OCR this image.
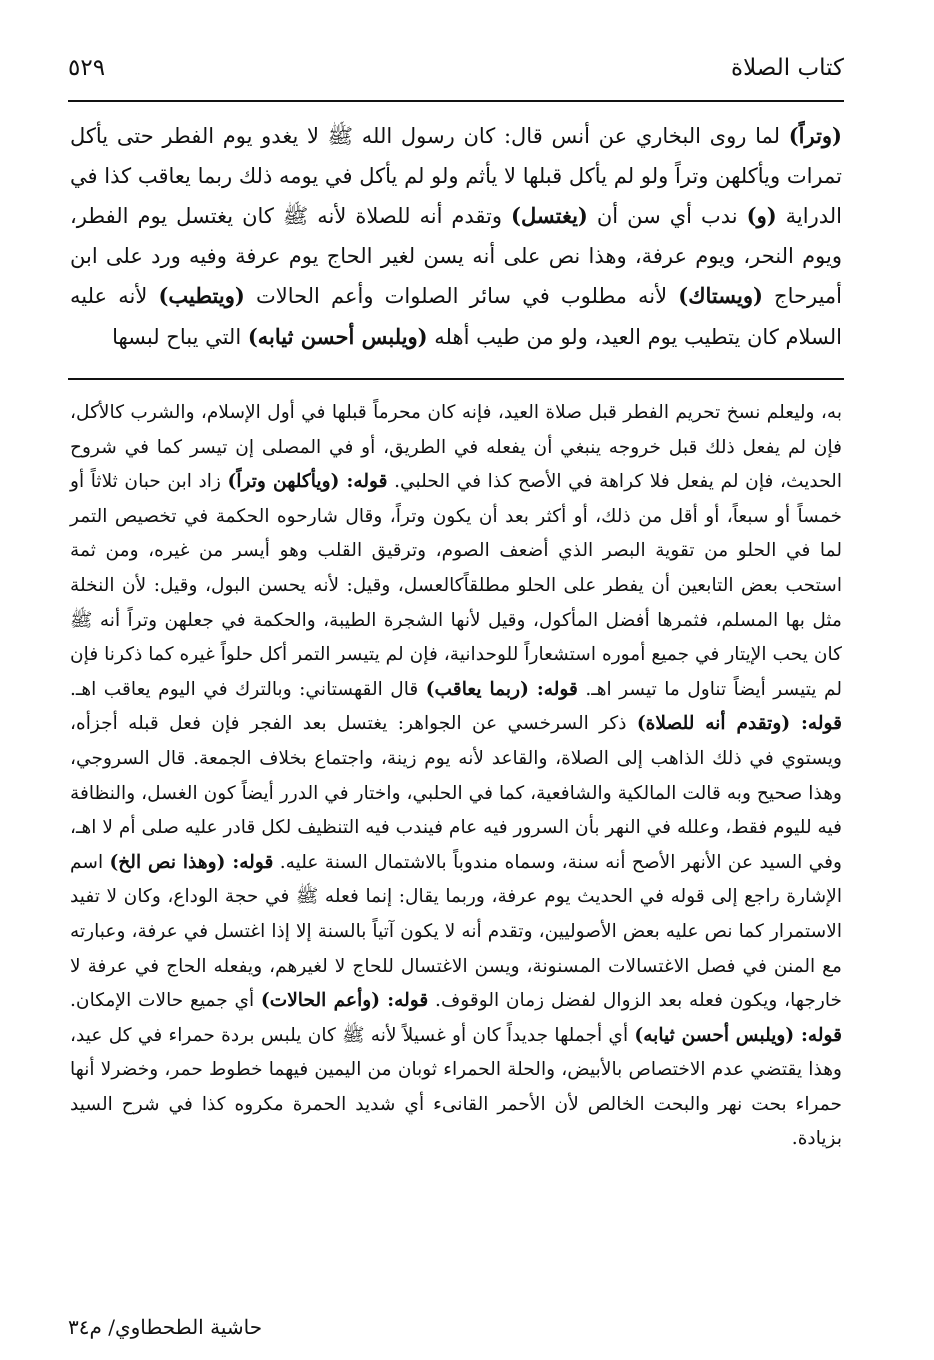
كتاب الصلاة
٥٢٩

(وتراً) لما روى البخاري عن أنس قال: كان رسول الله ﷺ لا يغدو يوم الفطر حتى يأكل تمرات ويأكلهن وتراً ولو لم يأكل قبلها لا يأثم ولو لم يأكل في يومه ذلك ربما يعاقب كذا في الدراية (و) ندب أي سن أن (يغتسل) وتقدم أنه للصلاة لأنه ﷺ كان يغتسل يوم الفطر، ويوم النحر، ويوم عرفة، وهذا نص على أنه يسن لغير الحاج يوم عرفة وفيه ورد على ابن أميرحاج (ويستاك) لأنه مطلوب في سائر الصلوات وأعم الحالات (ويتطيب) لأنه عليه السلام كان يتطيب يوم العيد، ولو من طيب أهله (ويلبس أحسن ثيابه) التي يباح لبسها

به، وليعلم نسخ تحريم الفطر قبل صلاة العيد، فإنه كان محرماً قبلها في أول الإسلام، والشرب كالأكل، فإن لم يفعل ذلك قبل خروجه ينبغي أن يفعله في الطريق، أو في المصلى إن تيسر كما في شروح الحديث، فإن لم يفعل فلا كراهة في الأصح كذا في الحلبي. قوله: (ويأكلهن وتراً) زاد ابن حبان ثلاثاً أو خمساً أو سبعاً، أو أقل من ذلك، أو أكثر بعد أن يكون وتراً، وقال شارحوه الحكمة في تخصيص التمر لما في الحلو من تقوية البصر الذي أضعف الصوم، وترقيق القلب وهو أيسر من غيره، ومن ثمة استحب بعض التابعين أن يفطر على الحلو مطلقاًكالعسل، وقيل: لأنه يحسن البول، وقيل: لأن النخلة مثل بها المسلم، فثمرها أفضل المأكول، وقيل لأنها الشجرة الطيبة، والحكمة في جعلهن وتراً أنه ﷺ كان يحب الإيتار في جميع أموره استشعاراً للوحدانية، فإن لم يتيسر التمر أكل حلواً غيره كما ذكرنا فإن لم يتيسر أيضاً تناول ما تيسر اهـ. قوله: (ربما يعاقب) قال القهستاني: وبالترك في اليوم يعاقب اهـ. قوله: (وتقدم أنه للصلاة) ذكر السرخسي عن الجواهر: يغتسل بعد الفجر فإن فعل قبله أجزأه، ويستوي في ذلك الذاهب إلى الصلاة، والقاعد لأنه يوم زينة، واجتماع بخلاف الجمعة. قال السروجي، وهذا صحيح وبه قالت المالكية والشافعية، كما في الحلبي، واختار في الدرر أيضاً كون الغسل، والنظافة فيه لليوم فقط، وعلله في النهر بأن السرور فيه عام فيندب فيه التنظيف لكل قادر عليه صلى أم لا اهـ، وفي السيد عن الأنهر الأصح أنه سنة، وسماه مندوباً بالاشتمال السنة عليه. قوله: (وهذا نص الخ) اسم الإشارة راجع إلى قوله في الحديث يوم عرفة، وربما يقال: إنما فعله ﷺ في حجة الوداع، وكان لا تفيد الاستمرار كما نص عليه بعض الأصوليين، وتقدم أنه لا يكون آتياً بالسنة إلا إذا اغتسل في عرفة، وعبارته مع المنن في فصل الاغتسالات المسنونة، ويسن الاغتسال للحاج لا لغيرهم، ويفعله الحاج في عرفة لا خارجها، ويكون فعله بعد الزوال لفضل زمان الوقوف. قوله: (وأعم الحالات) أي جميع حالات الإمكان. قوله: (ويلبس أحسن ثيابه) أي أجملها جديداً كان أو غسيلاً لأنه ﷺ كان يلبس بردة حمراء في كل عيد، وهذا يقتضي عدم الاختصاص بالأبيض، والحلة الحمراء ثوبان من اليمين فيهما خطوط حمر، وخضرلا أنها حمراء بحت نهر والبحت الخالص لأن الأحمر القانىء أي شديد الحمرة مكروه كذا في شرح السيد بزيادة.

حاشية الطحطاوي/ م٣٤
